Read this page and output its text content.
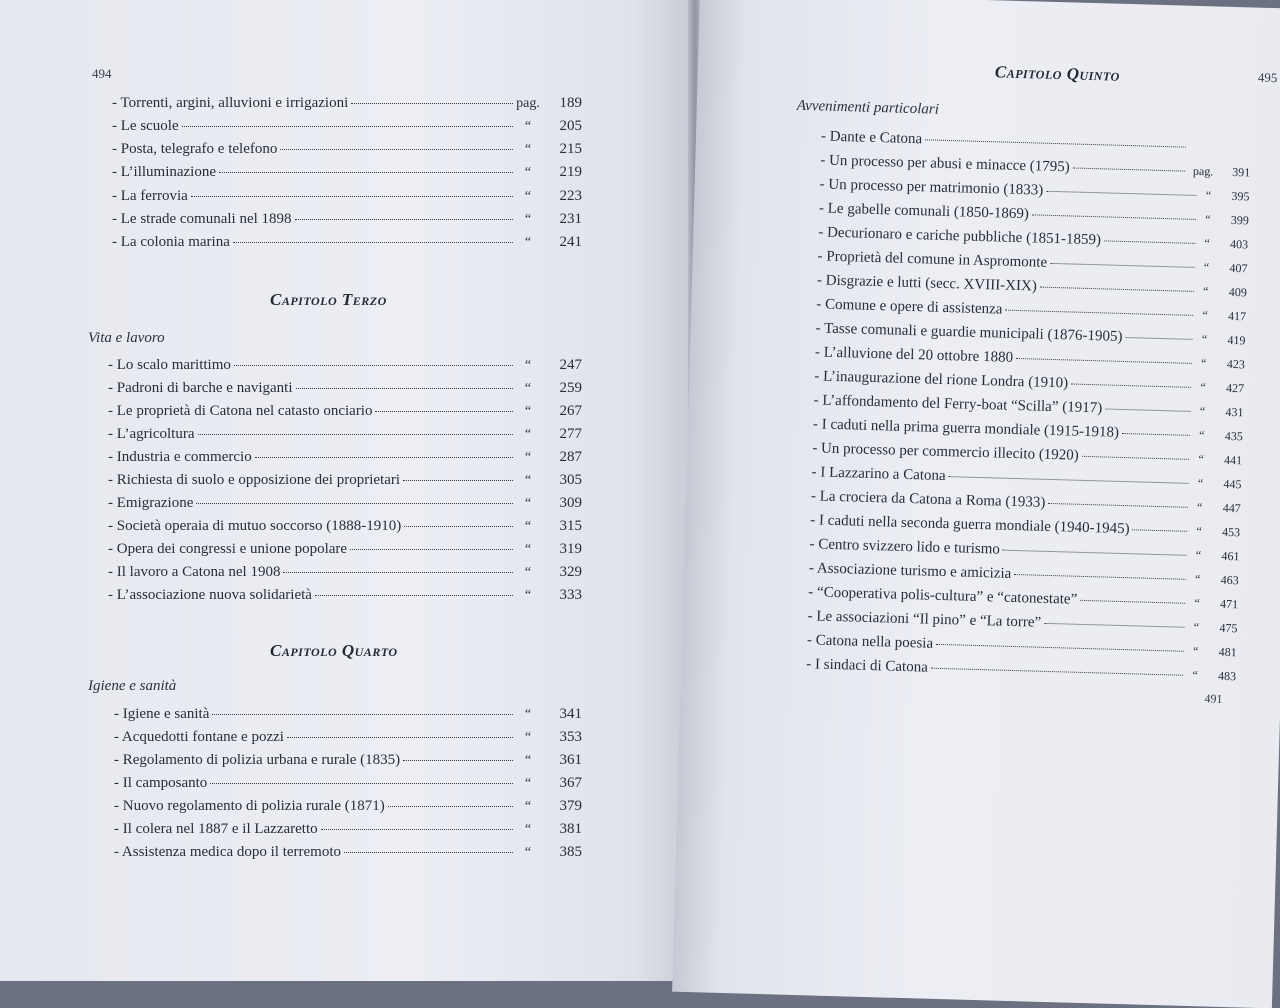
494
- Torrenti, argini, alluvioni e irrigazioni	pag.	189
- Le scuole	“	205
- Posta, telegrafo e telefono	“	215
- L’illuminazione	“	219
- La ferrovia	“	223
- Le strade comunali nel 1898	“	231
- La colonia marina	“	241
Capitolo Terzo
Vita e lavoro
- Lo scalo marittimo	“	247
- Padroni di barche e naviganti	“	259
- Le proprietà di Catona nel catasto onciario	“	267
- L’agricoltura	“	277
- Industria e commercio	“	287
- Richiesta di suolo e opposizione dei proprietari	“	305
- Emigrazione	“	309
- Società operaia di mutuo soccorso (1888-1910)	“	315
- Opera dei congressi e unione popolare	“	319
- Il lavoro a Catona nel 1908	“	329
- L’associazione nuova solidarietà	“	333
Capitolo Quarto
Igiene e sanità
- Igiene e sanità	“	341
- Acquedotti fontane e pozzi	“	353
- Regolamento di polizia urbana e rurale (1835)	“	361
- Il camposanto	“	367
- Nuovo regolamento di polizia rurale (1871)	“	379
- Il colera nel 1887 e il Lazzaretto	“	381
- Assistenza medica dopo il terremoto	“	385
495
Capitolo Quinto
Avvenimenti particolari
- Dante e Catona
- Un processo per abusi e minacce (1795)	pag.	391
- Un processo per matrimonio (1833)	“	395
- Le gabelle comunali (1850-1869)	“	399
- Decurionaro e cariche pubbliche (1851-1859)	“	403
- Proprietà del comune in Aspromonte	“	407
- Disgrazie e lutti (secc. XVIII-XIX)	“	409
- Comune e opere di assistenza	“	417
- Tasse comunali e guardie municipali (1876-1905)	“	419
- L’alluvione del 20 ottobre 1880	“	423
- L’inaugurazione del rione Londra (1910)	“	427
- L’affondamento del Ferry-boat “Scilla” (1917)	“	431
- I caduti nella prima guerra mondiale (1915-1918)	“	435
- Un processo per commercio illecito (1920)	“	441
- I Lazzarino a Catona	“	445
- La crociera da Catona a Roma (1933)	“	447
- I caduti nella seconda guerra mondiale (1940-1945)	“	453
- Centro svizzero lido e turismo	“	461
- Associazione turismo e amicizia	“	463
- “Cooperativa polis-cultura” e “catonestate”	“	471
- Le associazioni “Il pino” e “La torre”	“	475
- Catona nella poesia	“	481
- I sindaci di Catona	“	483
491
